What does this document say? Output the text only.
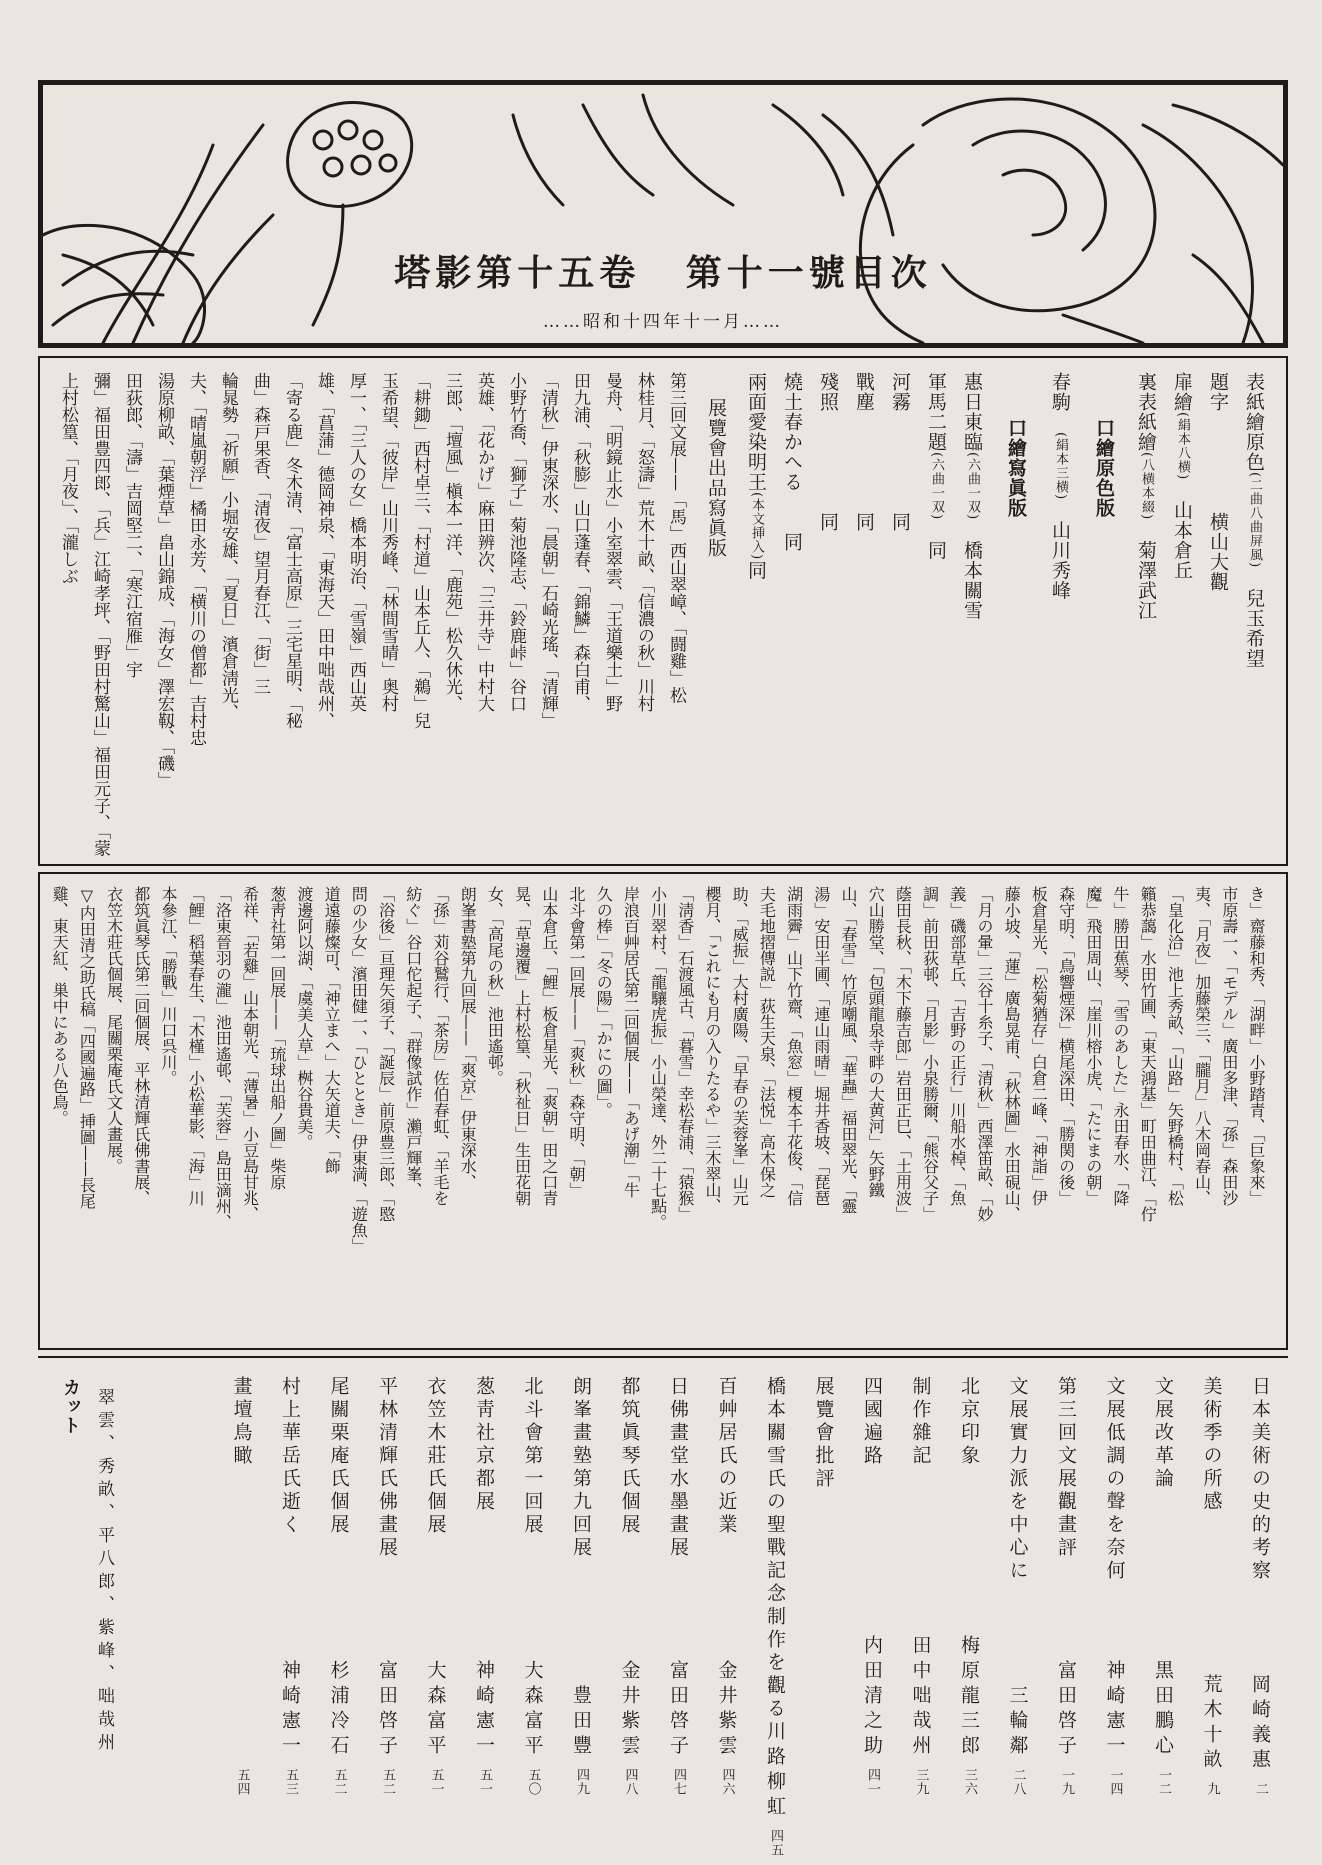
塔影第十五卷 第十一號目次
……昭和十四年十一月……
表紙繪原色(二曲八曲屏風)　兒玉希望
題字　　　　　横山大觀
扉繪(絹本八横)　山本倉丘
裏表紙繪(八横本綴)　菊澤武江
口繪原色版
春駒　(絹本三横)　山川秀峰
口繪寫眞版
惠日東臨(六曲一双)　橋本關雪
軍馬二題(六曲一双)　同
河霧　　　　　同
戰塵　　　　　同
殘照　　　　　同
燒土春かへる　　同
兩面愛染明王(本文挿入)同
展覽會出品寫眞版
第三回文展——「馬」西山翠嶂、「闘雞」松
林桂月、「怒濤」荒木十畝、「信濃の秋」川村
曼舟、「明鏡止水」小室翠雲、「王道樂土」野
田九浦、「秋膨」山口蓬春、「錦鱗」森白甫、
「清秋」伊東深水、「晨朝」石崎光瑤、「清輝」
小野竹喬、「獅子」菊池隆志、「鈴鹿峠」谷口
英雄、「花かげ」麻田辨次、「三井寺」中村大
三郎、「壇風」槇本一洋、「鹿苑」松久休光、
「耕鋤」西村卓三、「村道」山本丘人、「鵜」兒
玉希望、「彼岸」山川秀峰、「林間雪晴」奥村
厚一、「三人の女」橋本明治、「雪嶺」西山英
雄、「菖蒲」德岡神泉、「東海天」田中咄哉州、
「寄る鹿」冬木清、「富士高原」三宅星明、「秘
曲」森戸果香、「清夜」望月春江、「街」三
輪晁勢「祈願」小堀安雄、「夏日」濱倉淸光、
夫、「晴嵐朝浮」橘田永芳、「横川の僧都」吉村忠
湯原柳畝、「葉煙草」畠山錦成、「海女」澤宏靱、「磯」
田荻郎、「濤」吉岡堅二、「寒江宿雁」宇
彌」福田豊四郎、「兵」江崎孝坪、「野田村驚山」福田元子、「蒙
上村松篁、「月夜」、「瀧しぶ
き」齋藤和秀、「湖畔」小野踏青、「巨象來」
市原壽一、「モデル」廣田多津、「孫」森田沙
夷、「月夜」加藤榮三、「朧月」八木岡春山、
「皇化洽」池上秀畝、「山路」矢野橋村、「松
籟恭藹」水田竹圃、「東天鴻基」町田曲江、「佇
牛」勝田蕉琴、「雪のあした」永田春水、「降
魔」飛田周山、「崖川榕小虎、「たにまの朝」
森守明、「鳥響煙深」横尾深田、「勝関の後」
板倉星光、「松菊猶存」白倉二峰、「神詣」伊
藤小坡、「蓮」廣島晃甫、「秋林圖」水田硯山、
「月の暈」三谷十糸子、「清秋」西澤笛畝、「妙
義」磯部草丘、「吉野の正行」川船水棹、「魚
調」前田荻邨、「月影」小泉勝爾、「熊谷父子」
蔭田長秋、「木下藤吉郎」岩田正巳、「土用波」
穴山勝堂、「包頭龍泉寺畔の大黄河」矢野鐵
山、「春雪」竹原嘲風、「華蟲」福田翠光、「靈
湯」安田半圃、「連山雨晴」堀井香坡、「琵琶
湖雨霽」山下竹齋、「魚窓」榎本千花俊、「信
夫毛地摺傳説」荻生天泉、「法悦」高木保之
助、「威振」大村廣陽、「早春の芙蓉峯」山元
櫻月、「これにも月の入りたるや」三木翠山、
「淸香」石渡風古、「暮雪」幸松春浦、「猿猴」
小川翠村、「龍驤虎振」小山榮達、外二十七點。
岸浪百艸居氏第二回個展——「あげ潮」「牛
久の棒」「冬の陽」「かにの圖」。
北斗會第一回展——「爽秋」森守明、「朝」
山本倉丘、「鯉」板倉星光、「爽朝」田之口青
晃、「草邊覆」上村松篁、「秋祉日」生田花朝
女、「高尾の秋」池田遙邨。
朗峯書塾第九回展——「爽京」伊東深水、
「孫」苅谷鷲行、「茶房」佐伯春虹、「羊毛を
紡ぐ」谷口佗起子、「群像試作」瀨戸輝峯、
「浴後」亘理矢須子、「誕辰」前原豊三郎、「愍
問の少女」濱田健一、「ひととき」伊東満、「遊魚」
道遠藤燦可、「神立まへ」大矢道夫、「飾
渡邊阿以湖、「虞美人草」桝谷貴美。
葱靑社第一回展——「琉球出船ノ圖」柴原
希祥、「若雞」山本朝光、「薄暑」小豆島甘兆、
「洛東晉羽の瀧」池田遙邨、「芙蓉」島田滴州、
「鯉」稻葉春生、「木槿」小松華影、「海」川
本參江、「勝戰」川口呉川。
都筑眞琴氏第二回個展、平林清輝氏佛書展、
衣笠木莊氏個展、尾關栗庵氏文人畫展。
▽内田清之助氏稿「四國遍路」挿圖——長尾
雞、東天紅、巣中にある八色鳥。
日本美術の史的考察
岡崎義惠二
美術季の所感
荒木十畝九
文展改革論
黒田鵬心一二
文展低調の聲を奈何
神崎憲一一四
第三回文展觀畫評
富田啓子一九
文展實力派を中心に
三輪鄰二八
北京印象
梅原龍三郎三六
制作雜記
田中咄哉州三九
四國遍路
内田清之助四一
展覽會批評
橋本關雪氏の聖戰記念制作を觀る
川路柳虹四五
百艸居氏の近業
金井紫雲四六
日佛畫堂水墨畫展
富田啓子四七
都筑眞琴氏個展
金井紫雲四八
朗峯畫塾第九回展
豊田豐四九
北斗會第一回展
大森富平五〇
葱靑社京都展
神崎憲一五一
衣笠木莊氏個展
大森富平五一
平林清輝氏佛畫展
富田啓子五二
尾關栗庵氏個展
杉浦冷石五二
村上華岳氏逝く
神崎憲一五三
畫壇鳥瞰
五四
カット 翠雲、秀畝、平八郎、紫峰、咄哉州
